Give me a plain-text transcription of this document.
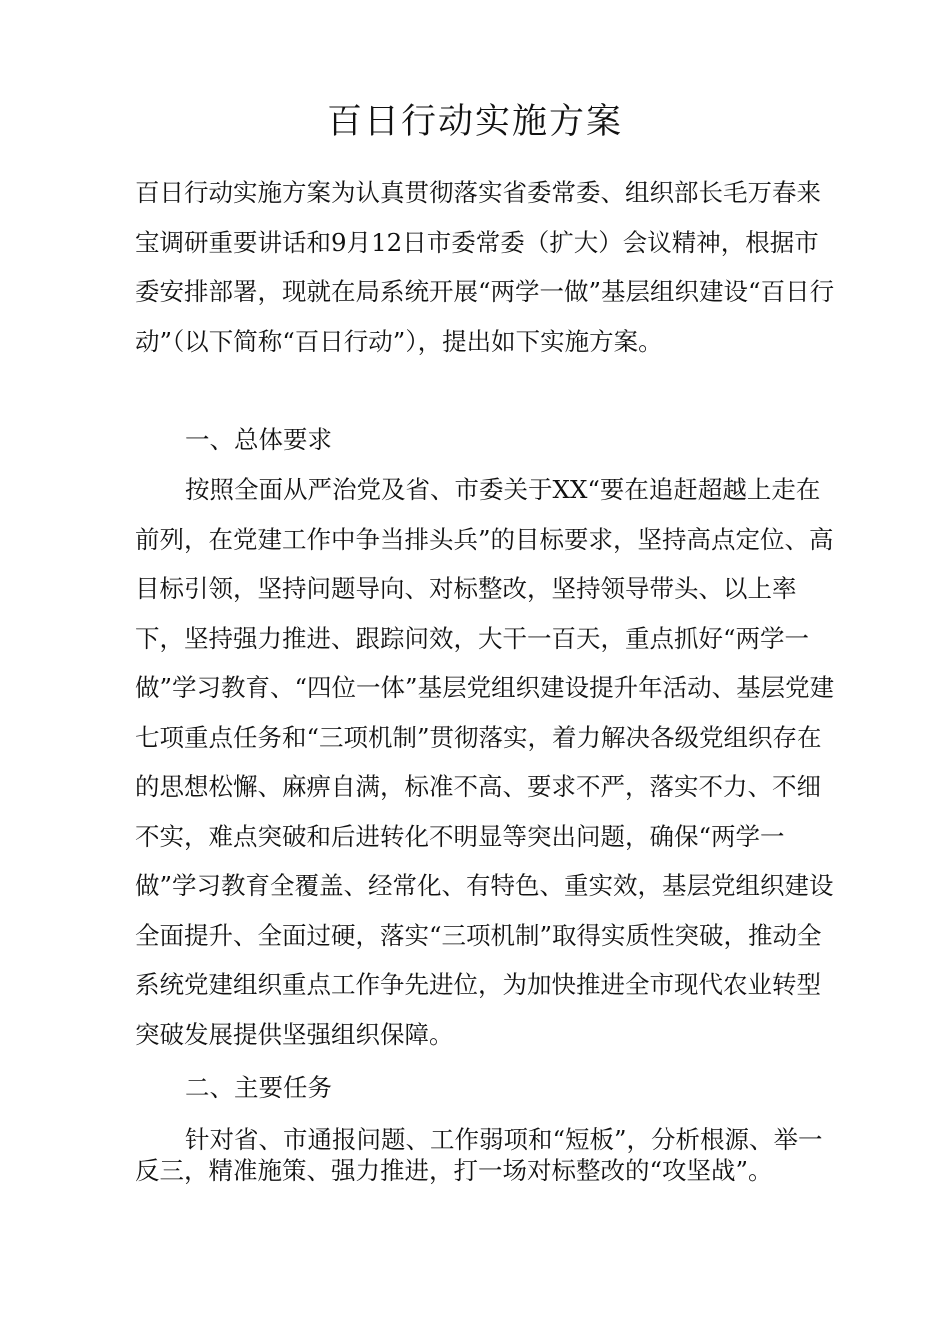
百日行动实施方案
百日行动实施方案为认真贯彻落实省委常委、组织部长毛万春来宝调研重要讲话和9月12日市委常委（扩大）会议精神，根据市委安排部署，现就在局系统开展“两学一做”基层组织建设“百日行动”（以下简称“百日行动”），提出如下实施方案。
一、总体要求
按照全面从严治党及省、市委关于XX“要在追赶超越上走在前列，在党建工作中争当排头兵”的目标要求，坚持高点定位、高目标引领，坚持问题导向、对标整改，坚持领导带头、以上率下，坚持强力推进、跟踪问效，大干一百天，重点抓好“两学一做”学习教育、“四位一体”基层党组织建设提升年活动、基层党建七项重点任务和“三项机制”贯彻落实，着力解决各级党组织存在的思想松懈、麻痹自满，标准不高、要求不严，落实不力、不细不实，难点突破和后进转化不明显等突出问题，确保“两学一做”学习教育全覆盖、经常化、有特色、重实效，基层党组织建设全面提升、全面过硬，落实“三项机制”取得实质性突破，推动全系统党建组织重点工作争先进位，为加快推进全市现代农业转型突破发展提供坚强组织保障。
二、主要任务
针对省、市通报问题、工作弱项和“短板”，分析根源、举一反三，精准施策、强力推进，打一场对标整改的“攻坚战”。
